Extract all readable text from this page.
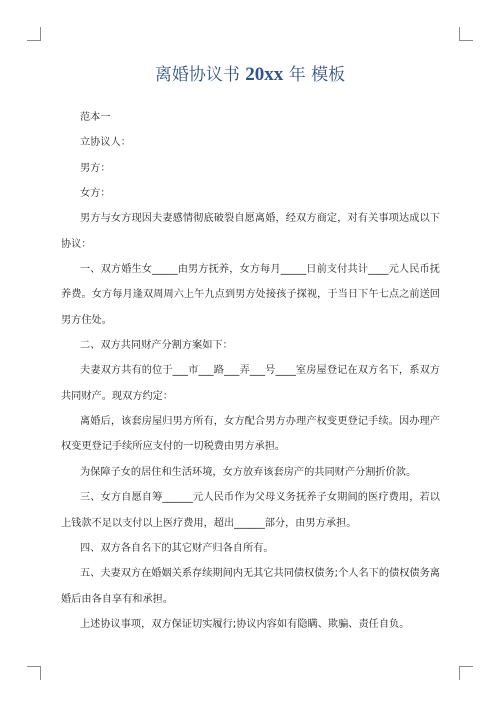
离婚协议书 20xx 年 模板
范本一
立协议人：
男方：
女方：
男方与女方现因夫妻感情彻底破裂自愿离婚，经双方商定，对有关事项达成以下
协议：
一、双方婚生女_____由男方抚养，女方每月_____日前支付共计____元人民币抚
养费。女方每月逢双周周六上午九点到男方处接孩子探视，于当日下午七点之前送回
男方住处。
二、双方共同财产分割方案如下：
夫妻双方共有的位于___市___路___弄___号____室房屋登记在双方名下，系双方
共同财产。现双方约定：
离婚后，该套房屋归男方所有，女方配合男方办理产权变更登记手续。因办理产
权变更登记手续所应支付的一切税费由男方承担。
为保障子女的居住和生活环境，女方放弃该套房产的共同财产分割折价款。
三、女方自愿自筹______元人民币作为父母义务抚养子女期间的医疗费用，若以
上钱款不足以支付以上医疗费用，超出______部分，由男方承担。
四、双方各自名下的其它财产归各自所有。
五、夫妻双方在婚姻关系存续期间内无其它共同债权债务;个人名下的债权债务离
婚后由各自享有和承担。
上述协议事项，双方保证切实履行;协议内容如有隐瞒、欺骗、责任自负。
